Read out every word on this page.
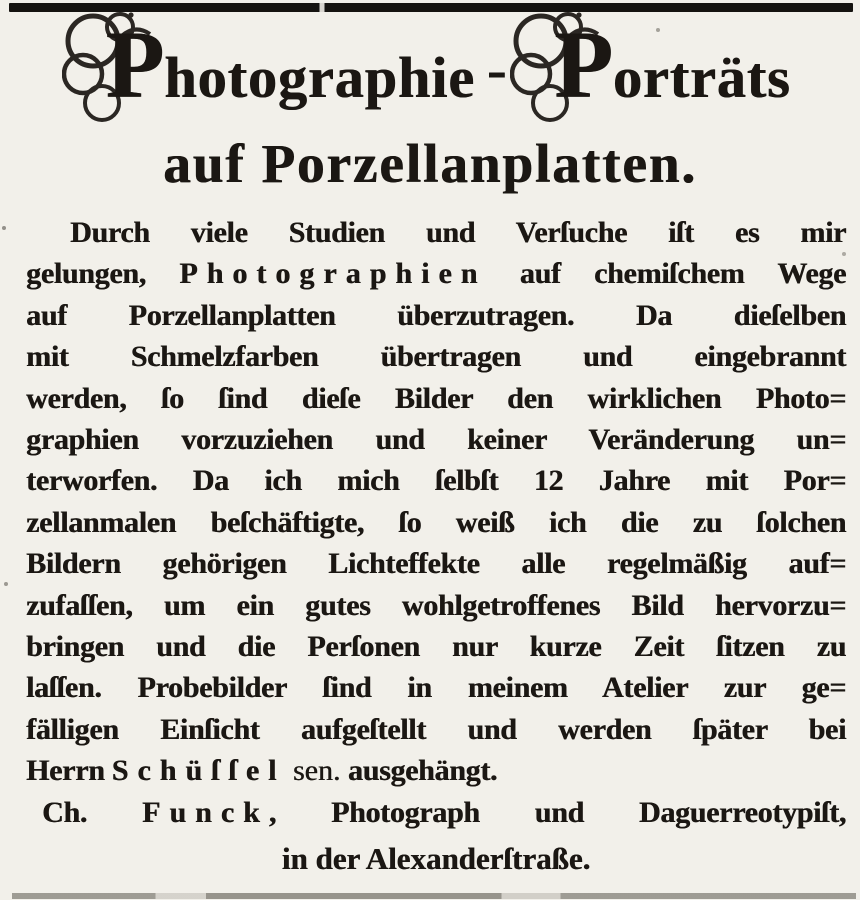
P hotographie - P orträts
auf Porzellanplatten.

Durch viele Studien und Verſuche iſt es mir

gelungen, Photographien auf chemiſchem Wege

auf Porzellanplatten überzutragen. Da dieſelben

mit Schmelzfarben übertragen und eingebrannt

werden, ſo ſind dieſe Bilder den wirklichen Photo=

graphien vorzuziehen und keiner Veränderung un=

terworfen. Da ich mich ſelbſt 12 Jahre mit Por=

zellanmalen beſchäftigte, ſo weiß ich die zu ſolchen

Bildern gehörigen Lichteffekte alle regelmäßig auf=

zufaſſen, um ein gutes wohlgetroffenes Bild hervorzu=

bringen und die Perſonen nur kurze Zeit ſitzen zu

laſſen. Probebilder ſind in meinem Atelier zur ge=

fälligen Einſicht aufgeſtellt und werden ſpäter bei

Herrn Schüſſel sen. ausgehängt.

Ch. Funck, Photograph und Daguerreotypiſt,

in der Alexanderſtraße.
